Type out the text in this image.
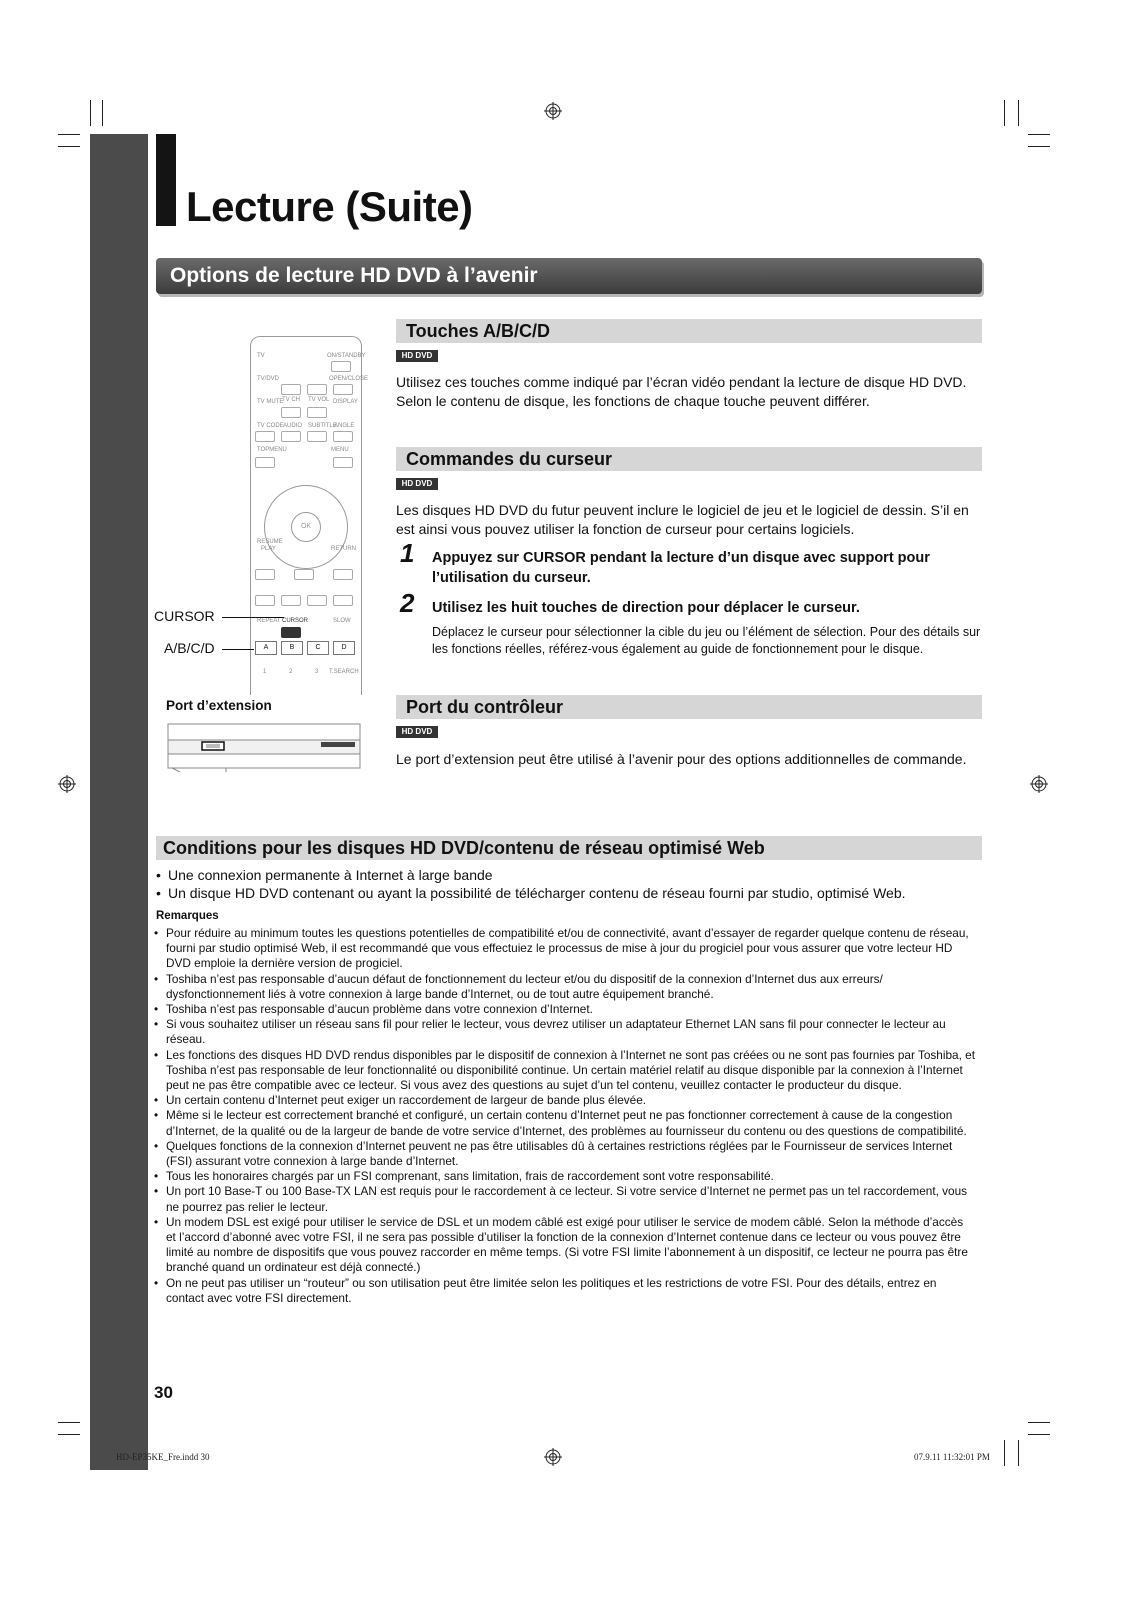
Lecture (Suite)
Options de lecture HD DVD à l’avenir
TV	ON/STANDBY
TV/DVD	OPEN/CLOSE
TV MUTE
TV CH TV VOL DISPLAY
TV CODE AUDIO SUBTITLE
ANGLE
TOPMENU	MENU
OK
RESUME
PLAY	RETURN
REPEAT CURSOR	SLOW
A	B	C	D
1	2	3 T.SEARCH
CURSOR
A/B/C/D
Port d’extension
Touches A/B/C/D
HD DVD
Utilisez ces touches comme indiqué par l’écran vidéo pendant la lecture de disque HD DVD. Selon le contenu de disque, les fonctions de chaque touche peuvent différer.
Commandes du curseur
HD DVD
Les disques HD DVD du futur peuvent inclure le logiciel de jeu et le logiciel de dessin. S’il en est ainsi vous pouvez utiliser la fonction de curseur pour certains logiciels.
1 Appuyez sur CURSOR pendant la lecture d’un disque avec support pour l’utilisation du curseur.
2 Utilisez les huit touches de direction pour déplacer le curseur.
Déplacez le curseur pour sélectionner la cible du jeu ou l’élément de sélection. Pour des détails sur les fonctions réelles, référez-vous également au guide de fonctionnement pour le disque.
Port du contrôleur
HD DVD
Le port d’extension peut être utilisé à l’avenir pour des options additionnelles de commande.
Conditions pour les disques HD DVD/contenu de réseau optimisé Web
• Une connexion permanente à Internet à large bande
• Un disque HD DVD contenant ou ayant la possibilité de télécharger contenu de réseau fourni par studio, optimisé Web.
Remarques
• Pour réduire au minimum toutes les questions potentielles de compatibilité et/ou de connectivité, avant d’essayer de regarder quelque contenu de réseau, fourni par studio optimisé Web, il est recommandé que vous effectuiez le processus de mise à jour du progiciel pour vous assurer que votre lecteur HD DVD emploie la dernière version de progiciel.
• Toshiba n’est pas responsable d’aucun défaut de fonctionnement du lecteur et/ou du dispositif de la connexion d’Internet dus aux erreurs/ dysfonctionnement liés à votre connexion à large bande d’Internet, ou de tout autre équipement branché.
• Toshiba n’est pas responsable d’aucun problème dans votre connexion d’Internet.
• Si vous souhaitez utiliser un réseau sans fil pour relier le lecteur, vous devrez utiliser un adaptateur Ethernet LAN sans fil pour connecter le lecteur au réseau.
• Les fonctions des disques HD DVD rendus disponibles par le dispositif de connexion à l’Internet ne sont pas créées ou ne sont pas fournies par Toshiba, et Toshiba n’est pas responsable de leur fonctionnalité ou disponibilité continue. Un certain matériel relatif au disque disponible par la connexion à l’Internet peut ne pas être compatible avec ce lecteur. Si vous avez des questions au sujet d’un tel contenu, veuillez contacter le producteur du disque.
• Un certain contenu d’Internet peut exiger un raccordement de largeur de bande plus élevée.
• Même si le lecteur est correctement branché et configuré, un certain contenu d’Internet peut ne pas fonctionner correctement à cause de la congestion d’Internet, de la qualité ou de la largeur de bande de votre service d’Internet, des problèmes au fournisseur du contenu ou des questions de compatibilité.
• Quelques fonctions de la connexion d’Internet peuvent ne pas être utilisables dû à certaines restrictions réglées par le Fournisseur de services Internet (FSI) assurant votre connexion à large bande d’Internet.
• Tous les honoraires chargés par un FSI comprenant, sans limitation, frais de raccordement sont votre responsabilité.
• Un port 10 Base-T ou 100 Base-TX LAN est requis pour le raccordement à ce lecteur. Si votre service d’Internet ne permet pas un tel raccordement, vous ne pourrez pas relier le lecteur.
• Un modem DSL est exigé pour utiliser le service de DSL et un modem câblé est exigé pour utiliser le service de modem câblé. Selon la méthode d’accès et l’accord d’abonné avec votre FSI, il ne sera pas possible d’utiliser la fonction de la connexion d’Internet contenue dans ce lecteur ou vous pouvez être limité au nombre de dispositifs que vous pouvez raccorder en même temps. (Si votre FSI limite l’abonnement à un dispositif, ce lecteur ne pourra pas être branché quand un ordinateur est déjà connecté.)
• On ne peut pas utiliser un “routeur” ou son utilisation peut être limitée selon les politiques et les restrictions de votre FSI. Pour des détails, entrez en contact avec votre FSI directement.
30
HD-EP35KE_Fre.indd 30	07.9.11 11:32:01 PM
